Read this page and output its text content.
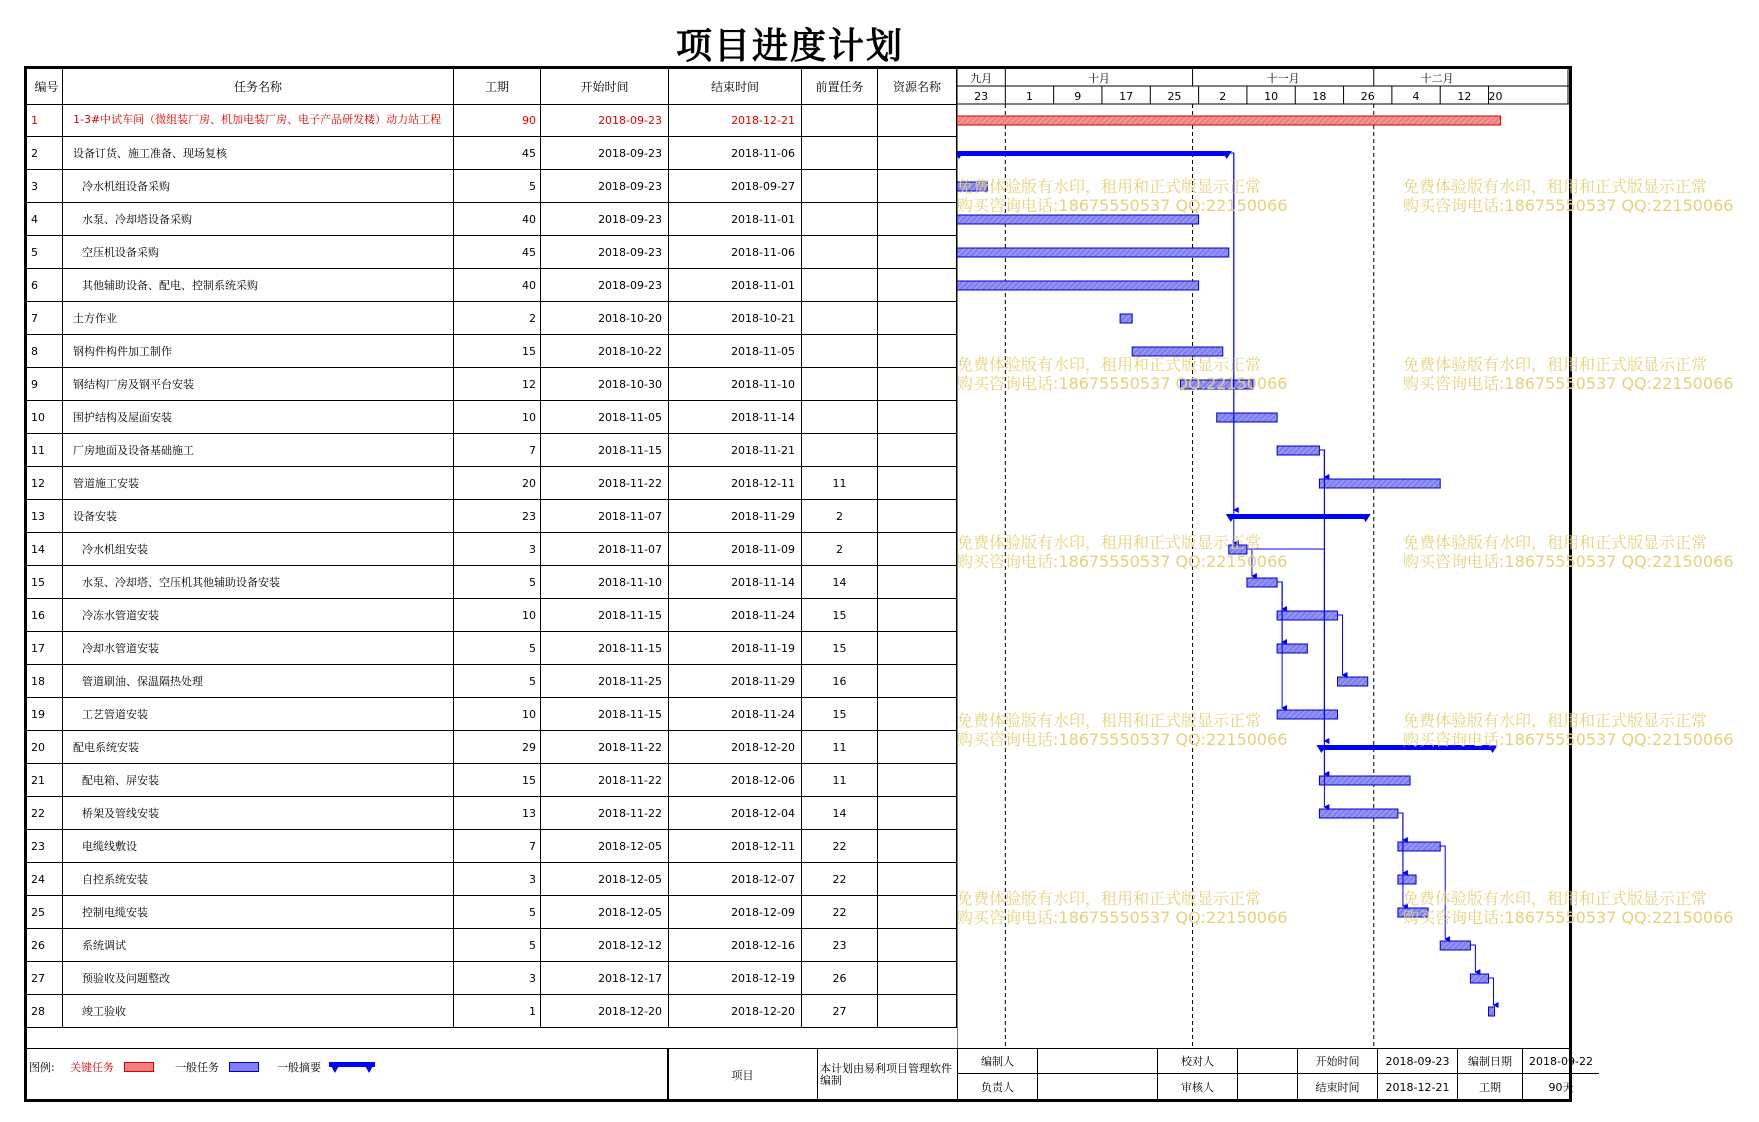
项目进度计划
编号	任务名称	工期	开始时间	结束时间	前置任务	资源名称
1	1-3#中试车间（微组装厂房、机加电装厂房、电子产品研发楼）动力站工程	90	2018-09-23	2018-12-21
2	设备订货、施工准备、现场复核	45	2018-09-23	2018-11-06
3	冷水机组设备采购	5	2018-09-23	2018-09-27
4	水泵、冷却塔设备采购	40	2018-09-23	2018-11-01
5	空压机设备采购	45	2018-09-23	2018-11-06
6	其他辅助设备、配电、控制系统采购	40	2018-09-23	2018-11-01
7	土方作业	2	2018-10-20	2018-10-21
8	钢构件构件加工制作	15	2018-10-22	2018-11-05
9	钢结构厂房及钢平台安装	12	2018-10-30	2018-11-10
10	围护结构及屋面安装	10	2018-11-05	2018-11-14
11	厂房地面及设备基础施工	7	2018-11-15	2018-11-21
12	管道施工安装	20	2018-11-22	2018-12-11	11
13	设备安装	23	2018-11-07	2018-11-29	2
14	冷水机组安装	3	2018-11-07	2018-11-09	2
15	水泵、冷却塔、空压机其他辅助设备安装	5	2018-11-10	2018-11-14	14
16	冷冻水管道安装	10	2018-11-15	2018-11-24	15
17	冷却水管道安装	5	2018-11-15	2018-11-19	15
18	管道刷油、保温隔热处理	5	2018-11-25	2018-11-29	16
19	工艺管道安装	10	2018-11-15	2018-11-24	15
20	配电系统安装	29	2018-11-22	2018-12-20	11
21	配电箱、屏安装	15	2018-11-22	2018-12-06	11
22	桥架及管线安装	13	2018-11-22	2018-12-04	14
23	电缆线敷设	7	2018-12-05	2018-12-11	22
24	自控系统安装	3	2018-12-05	2018-12-07	22
25	控制电缆安装	5	2018-12-05	2018-12-09	22
26	系统调试	5	2018-12-12	2018-12-16	23
27	预验收及问题整改	3	2018-12-17	2018-12-19	26
28	竣工验收	1	2018-12-20	2018-12-20	27
九月	十月	十一月	十二月
23	1	9	17	25	2	10	18	26	4	12 20
免费体验版有水印，租用和正式版显示正常
购买咨询电话:18675550537 QQ:22150066
免费体验版有水印，租用和正式版显示正常
购买咨询电话:18675550537 QQ:22150066
免费体验版有水印，租用和正式版显示正常
购买咨询电话:18675550537 QQ:22150066
免费体验版有水印，租用和正式版显示正常
购买咨询电话:18675550537 QQ:22150066
免费体验版有水印，租用和正式版显示正常
购买咨询电话:18675550537 QQ:22150066
免费体验版有水印，租用和正式版显示正常
购买咨询电话:18675550537 QQ:22150066
免费体验版有水印，租用和正式版显示正常
购买咨询电话:18675550537 QQ:22150066
免费体验版有水印，租用和正式版显示正常
购买咨询电话:18675550537 QQ:22150066
免费体验版有水印，租用和正式版显示正常
购买咨询电话:18675550537 QQ:22150066
免费体验版有水印，租用和正式版显示正常
购买咨询电话:18675550537 QQ:22150066
图例: 关键任务	一般任务	一般摘要
项目
本计划由易利项目管理软件编制
编制人	校对人	开始时间	2018-09-23	编制日期	2018-09-22
负责人	审核人	结束时间	2018-12-21	工期	90天
